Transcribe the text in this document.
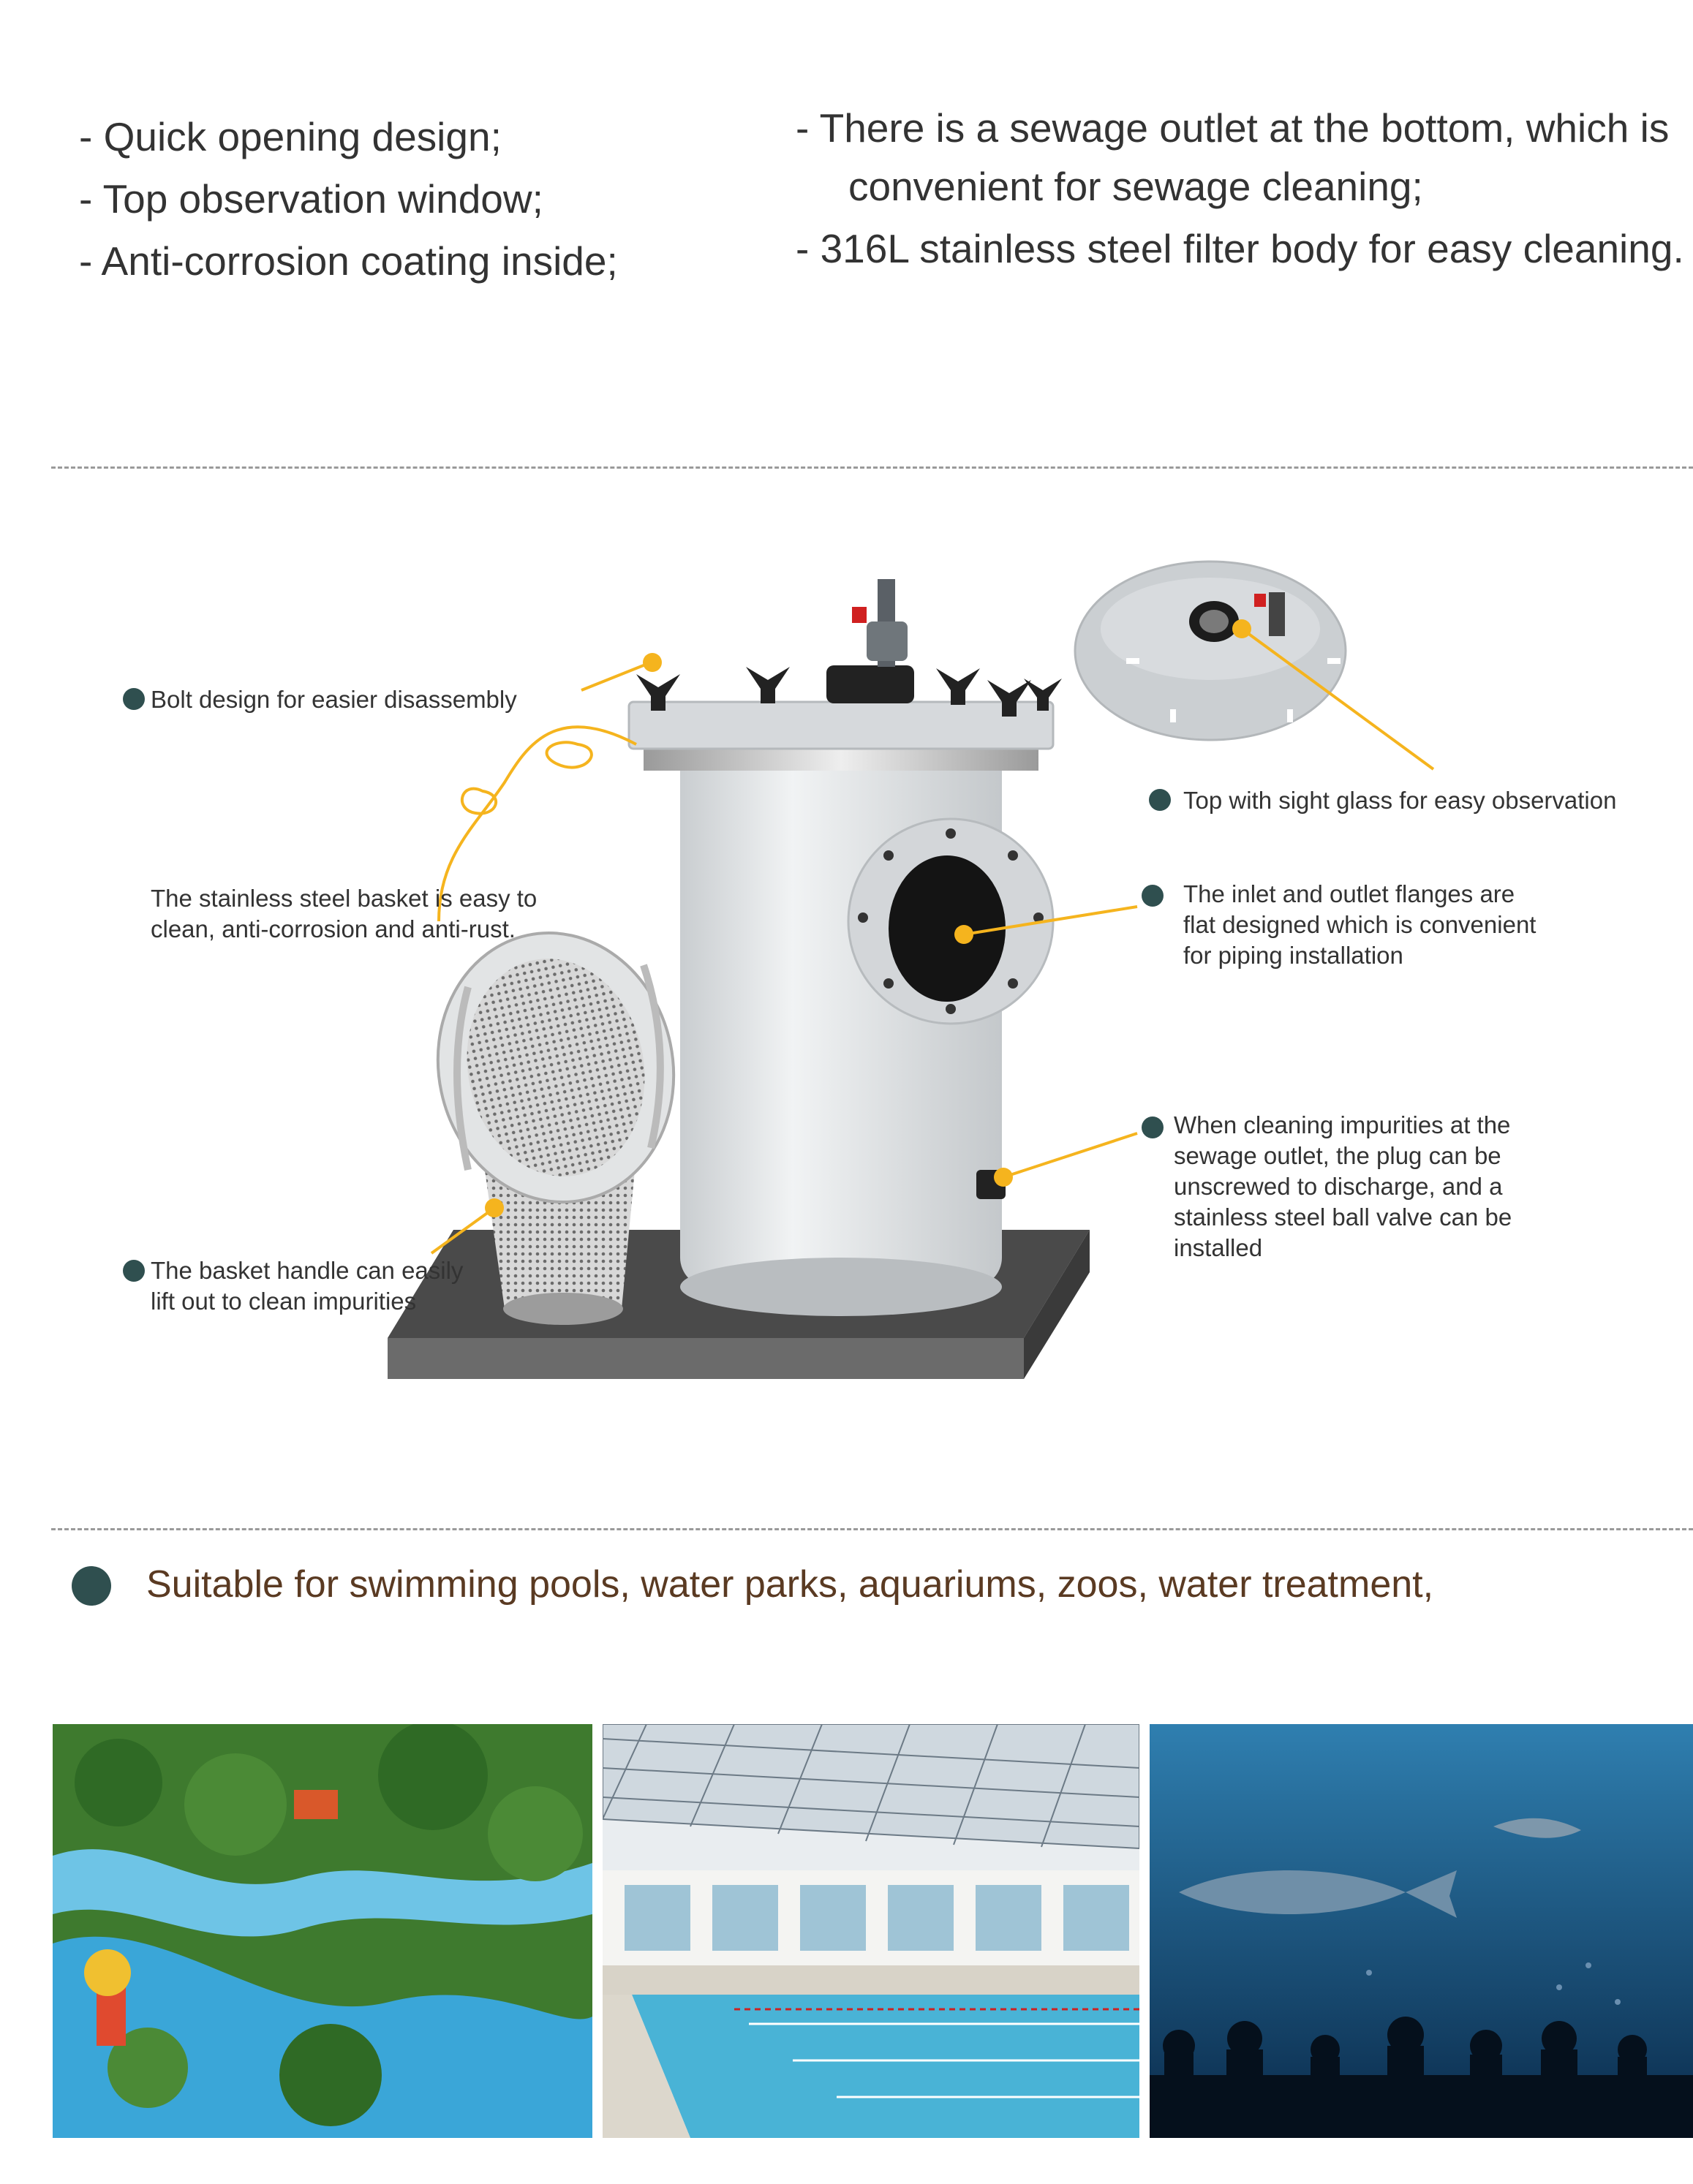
- Quick opening design;
- Top observation window;
- Anti-corrosion coating inside;
- There is a sewage outlet at the bottom, which is
convenient for sewage cleaning;
- 316L stainless steel filter body for easy cleaning.
Bolt design for easier disassembly
Top with sight glass for easy observation
The stainless steel basket is easy to
clean, anti-corrosion and anti-rust.
The inlet and outlet flanges are
flat designed which is convenient
for piping installation
When cleaning impurities at the
sewage outlet, the plug can be
unscrewed to discharge, and a
stainless steel ball valve can be
installed
The basket handle can easily
lift out to clean impurities
Suitable for swimming pools, water parks, aquariums, zoos, water treatment,
